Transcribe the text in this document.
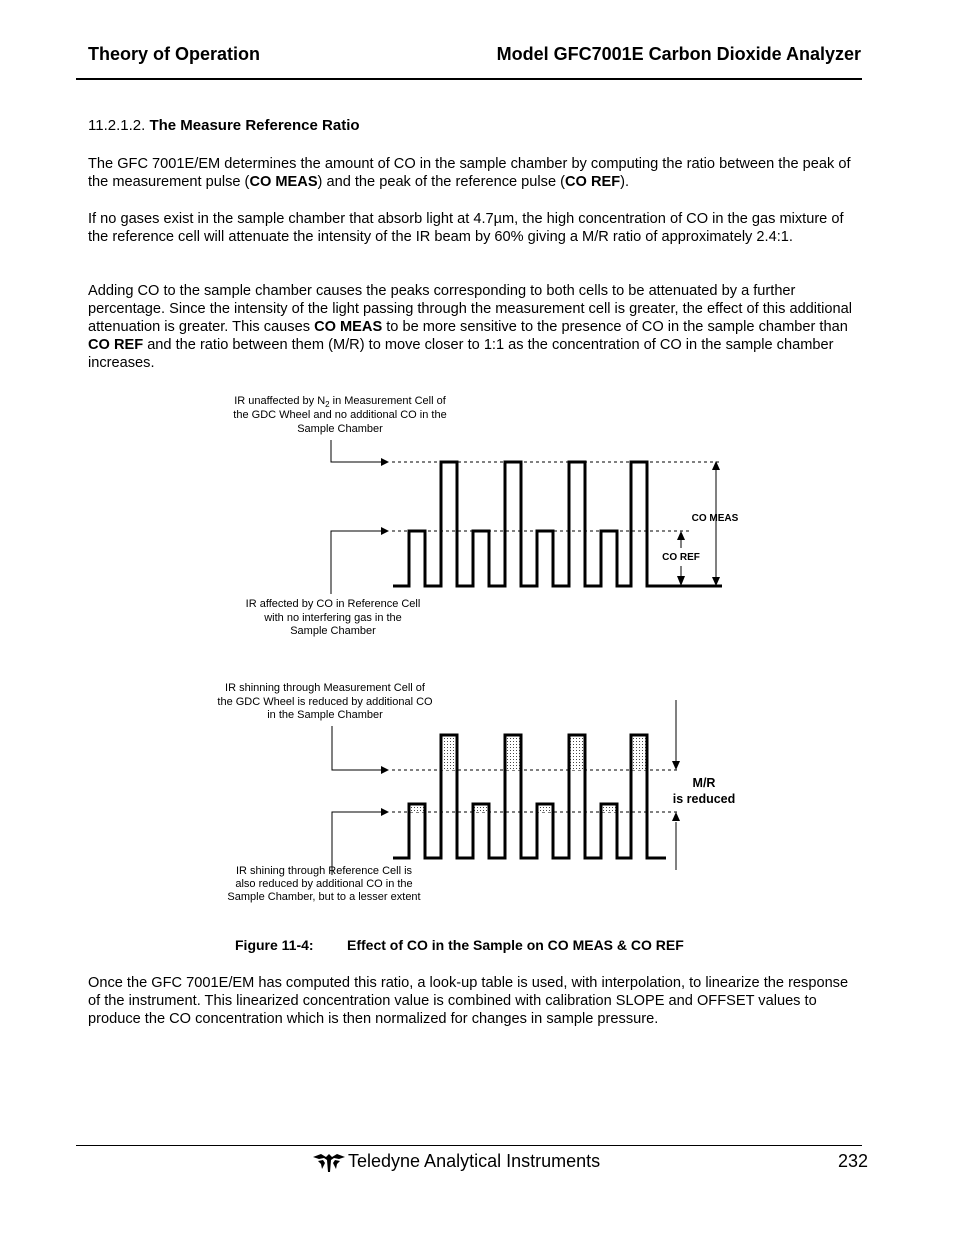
Theory of Operation	Model GFC7001E Carbon Dioxide Analyzer
11.2.1.2. The Measure Reference Ratio

The GFC 7001E/EM determines the amount of CO in the sample chamber by computing the ratio between the peak of the measurement pulse (CO MEAS) and the peak of the reference pulse (CO REF).

If no gases exist in the sample chamber that absorb light at 4.7µm, the high concentration of CO in the gas mixture of the reference cell will attenuate the intensity of the IR beam by 60% giving a M/R ratio of approximately 2.4:1.

Adding CO to the sample chamber causes the peaks corresponding to both cells to be attenuated by a further percentage. Since the intensity of the light passing through the measurement cell is greater, the effect of this additional attenuation is greater. This causes CO MEAS to be more sensitive to the presence of CO in the sample chamber than CO REF and the ratio between them (M/R) to move closer to 1:1 as the concentration of CO in the sample chamber increases.

IR unaffected by $N_2$ in Measurement Cell of
the GDC Wheel and no additional CO in the
Sample Chamber
CO MEAS
CO REF
IR affected by CO in Reference Cell
with no interfering gas in the
Sample Chamber
IR shinning through Measurement Cell of
the GDC Wheel is reduced by additional CO
in the Sample Chamber
M/R
is reduced
IR shining through Reference Cell is
also reduced by additional CO in the
Sample Chamber, but to a lesser extent
Figure 11-4: Effect of CO in the Sample on CO MEAS & CO REF

Once the GFC 7001E/EM has computed this ratio, a look-up table is used, with interpolation, to linearize the response of the instrument. This linearized concentration value is combined with calibration SLOPE and OFFSET values to produce the CO concentration which is then normalized for changes in sample pressure.

Teledyne Analytical Instruments	232
